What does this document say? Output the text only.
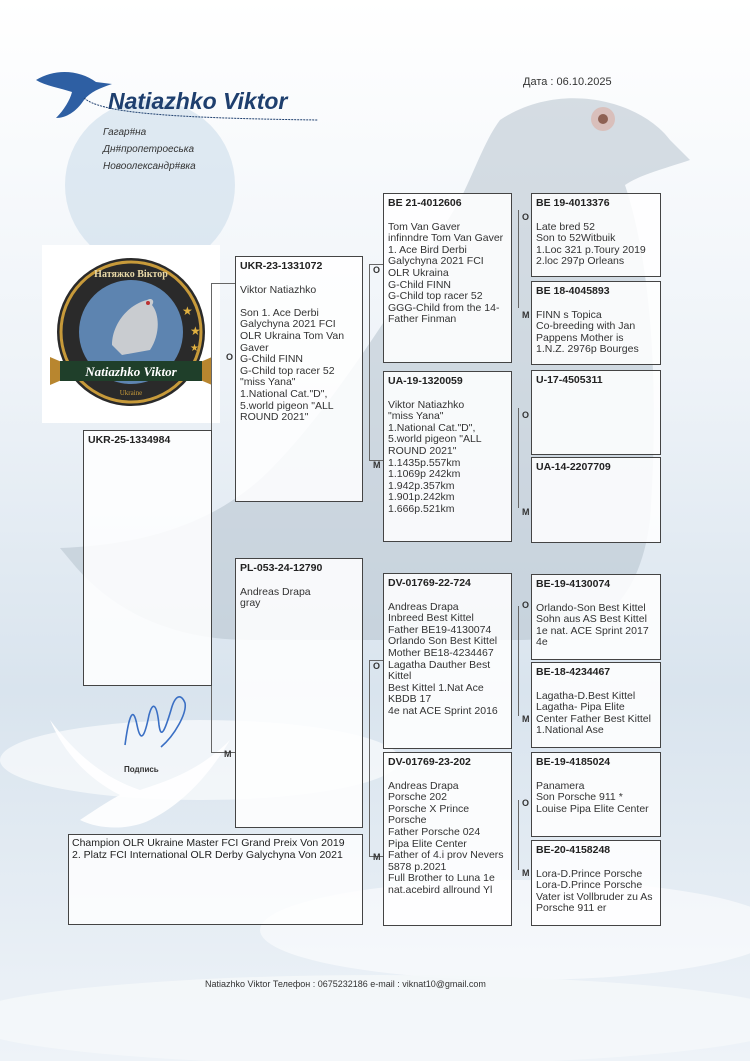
Natiazhko Viktor
Гагар#на
Дн#пропетроеська
Новоолександр#вка
Дата : 06.10.2025
Натяжко Віктор
Natiazhko Viktor
Ukraine
★
★
★
O
M
O
M
O
M
O
M
O
M
O
M
O
M
UKR-25-1334984
UKR-23-1331072
Viktor Natiazhko

Son 1. Ace Derbi Galychyna 2021 FCI OLR Ukraina Tom Van Gaver
G-Child FINN
G-Child top racer 52 "miss Yana"
1.National Cat."D",
5.world pigeon "ALL ROUND 2021"
PL-053-24-12790
Andreas Drapa
gray
BE 21-4012606
Tom Van Gaver
infinndre Tom Van Gaver
1. Ace Bird Derbi Galychyna 2021 FCI OLR Ukraina
G-Child FINN
G-Child top racer 52
GGG-Child from the 14-Father Finman
UA-19-1320059
Viktor Natiazhko
"miss Yana"
1.National Cat."D",
5.world pigeon "ALL ROUND 2021"
1.1435p.557km
1.1069p 242km
1.942p.357km
1.901p.242km
1.666p.521km
DV-01769-22-724
Andreas Drapa
Inbreed Best Kittel
Father BE19-4130074
Orlando Son Best Kittel
Mother BE18-4234467
Lagatha Dauther Best Kittel
Best Kittel 1.Nat Ace KBDB 17
4e nat ACE Sprint 2016
DV-01769-23-202
Andreas Drapa
Porsche 202
Porsche X Prince Porsche
Father Porsche 024
Pipa Elite Center
Father of 4.i prov Nevers 5878 p.2021
Full Brother to Luna 1e nat.acebird allround Yl
BE 19-4013376
Late bred 52
Son to 52Witbuik
1.Loc 321 p.Toury 2019
2.loc 297p Orleans
BE 18-4045893
FINN s Topica
Co-breeding with Jan Pappens Mother is
1.N.Z. 2976p Bourges
U-17-4505311
UA-14-2207709
BE-19-4130074
Orlando-Son Best Kittel
Sohn aus AS Best Kittel 1e nat. ACE Sprint 2017 4e
BE-18-4234467
Lagatha-D.Best Kittel
Lagatha- Pipa Elite Center Father Best Kittel 1.National Ase
BE-19-4185024
Panamera
Son Porsche 911 *
Louise Pipa Elite Center
BE-20-4158248
Lora-D.Prince Porsche
Lora-D.Prince Porsche Vater ist Vollbruder zu As Porsche 911 er
Подпись
Champion OLR Ukraine Master FCI Grand Preix Von 2019
2. Platz FCI International OLR Derby Galychyna Von 2021
Natiazhko Viktor Телефон : 0675232186 e-mail : viknat10@gmail.com
